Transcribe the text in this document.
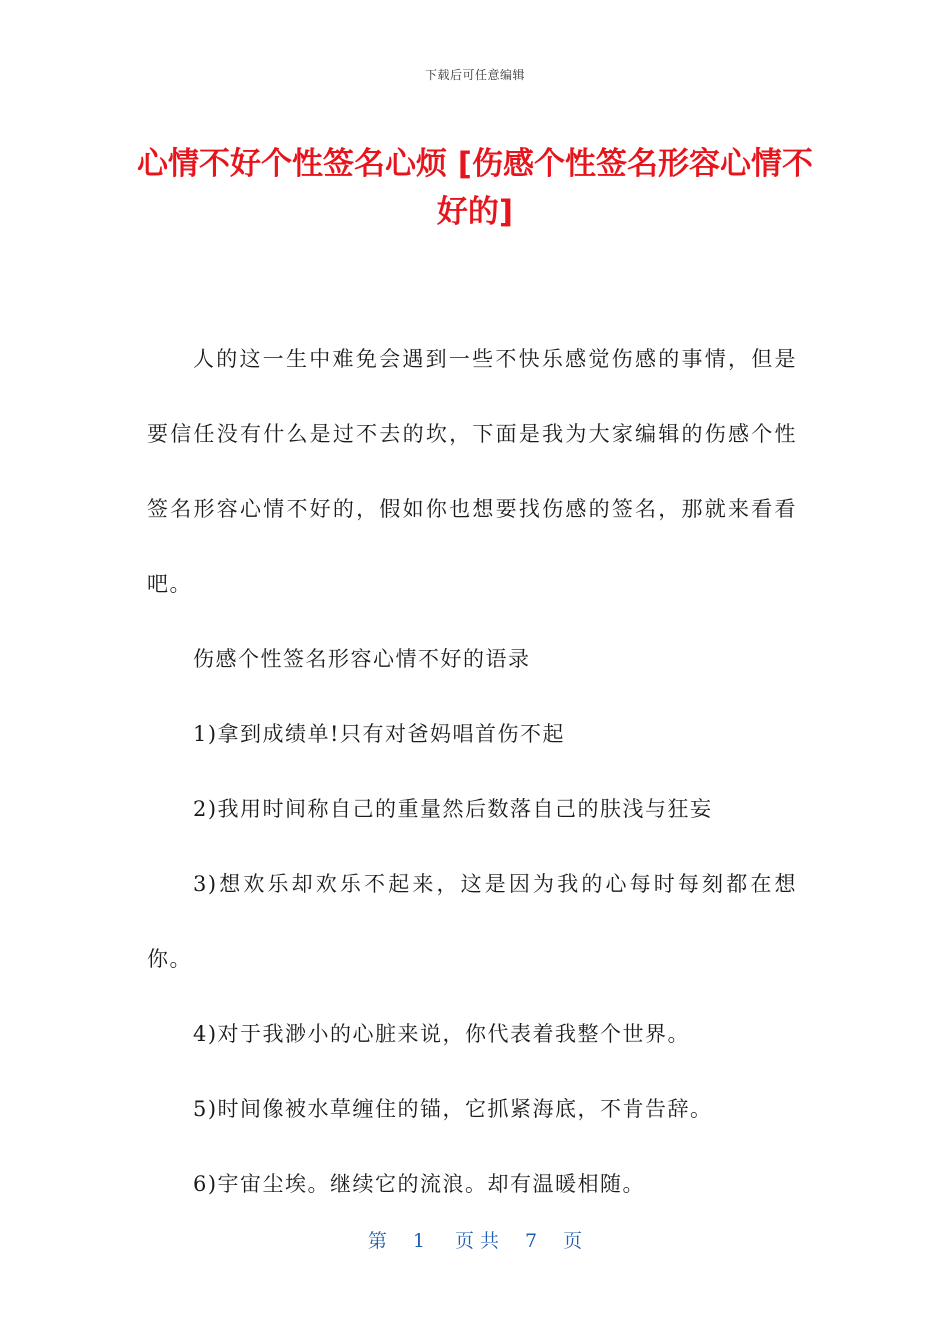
下载后可任意编辑
心情不好个性签名心烦 [伤感个性签名形容心情不好的]

人的这一生中难免会遇到一些不快乐感觉伤感的事情，但是要信任没有什么是过不去的坎，下面是我为大家编辑的伤感个性签名形容心情不好的，假如你也想要找伤感的签名，那就来看看吧。

伤感个性签名形容心情不好的语录

1)拿到成绩单!只有对爸妈唱首伤不起

2)我用时间称自己的重量然后数落自己的肤浅与狂妄

3)想欢乐却欢乐不起来，这是因为我的心每时每刻都在想你。

4)对于我渺小的心脏来说，你代表着我整个世界。

5)时间像被水草缠住的锚，它抓紧海底，不肯告辞。

6)宇宙尘埃。继续它的流浪。却有温暖相随。

第 1 页 共 7 页
